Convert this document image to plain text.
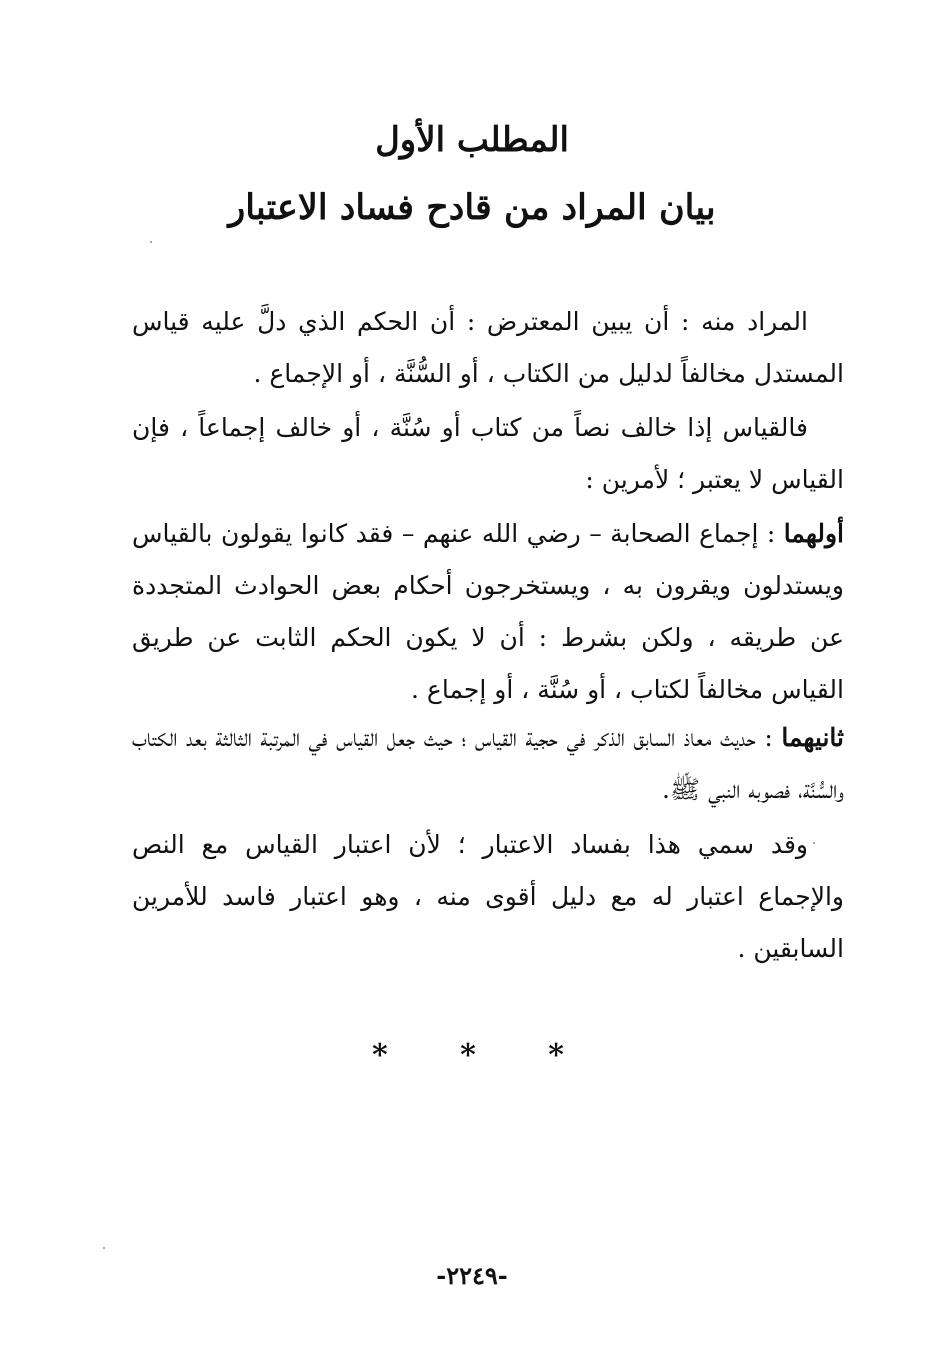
المطلب الأول
بيان المراد من قادح فساد الاعتبار

المراد منه : أن يبين المعترض : أن الحكم الذي دلَّ عليه قياس المستدل مخالفاً لدليل من الكتاب ، أو السُّنَّة ، أو الإجماع .

فالقياس إذا خالف نصاً من كتاب أو سُنَّة ، أو خالف إجماعاً ، فإن القياس لا يعتبر ؛ لأمرين :

أولهما : إجماع الصحابة – رضي الله عنهم – فقد كانوا يقولون بالقياس ويستدلون ويقرون به ، ويستخرجون أحكام بعض الحوادث المتجددة عن طريقه ، ولكن بشرط : أن لا يكون الحكم الثابت عن طريق القياس مخالفاً لكتاب ، أو سُنَّة ، أو إجماع .

ثانيهما : حديث معاذ السابق الذكر في حجية القياس ؛ حيث جعل القياس في المرتبة الثالثة بعد الكتاب والسُّنَّة، فصوبه النبي ﷺ.

وقد سمي هذا بفساد الاعتبار ؛ لأن اعتبار القياس مع النص والإجماع اعتبار له مع دليل أقوى منه ، وهو اعتبار فاسد للأمرين السابقين .

* * *
-٢٢٤٩-
